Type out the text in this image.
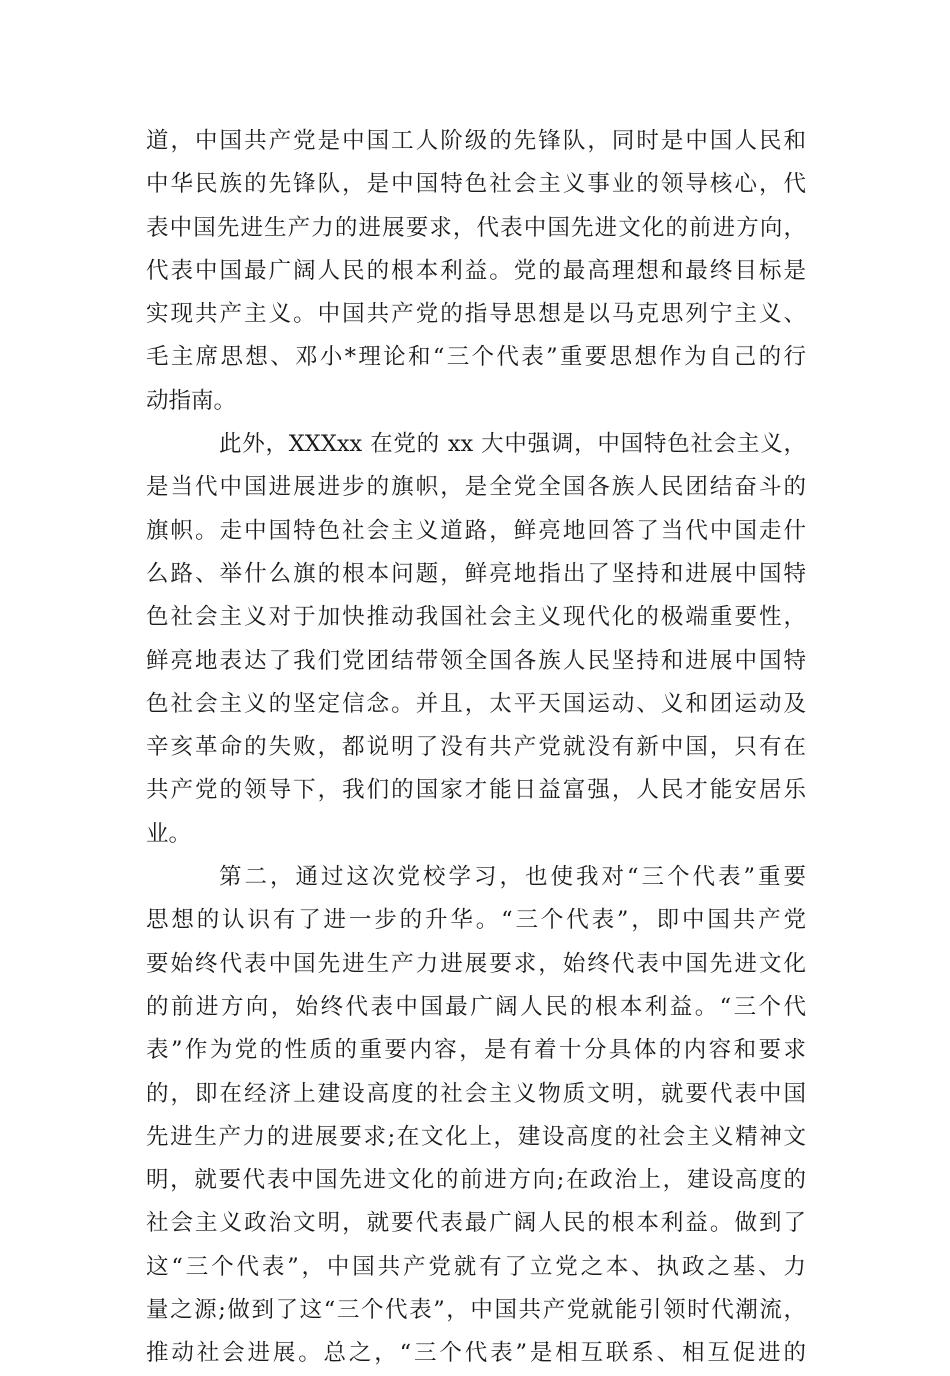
道，中国共产党是中国工人阶级的先锋队，同时是中国人民和
中华民族的先锋队，是中国特色社会主义事业的领导核心，代
表中国先进生产力的进展要求，代表中国先进文化的前进方向，
代表中国最广阔人民的根本利益。党的最高理想和最终目标是
实现共产主义。中国共产党的指导思想是以马克思列宁主义、
毛主席思想、邓小*理论和“三个代表”重要思想作为自己的行
动指南。
此外，XXXxx 在党的 xx 大中强调，中国特色社会主义，
是当代中国进展进步的旗帜，是全党全国各族人民团结奋斗的
旗帜。走中国特色社会主义道路，鲜亮地回答了当代中国走什
么路、举什么旗的根本问题，鲜亮地指出了坚持和进展中国特
色社会主义对于加快推动我国社会主义现代化的极端重要性，
鲜亮地表达了我们党团结带领全国各族人民坚持和进展中国特
色社会主义的坚定信念。并且，太平天国运动、义和团运动及
辛亥革命的失败，都说明了没有共产党就没有新中国，只有在
共产党的领导下，我们的国家才能日益富强，人民才能安居乐
业。
第二，通过这次党校学习，也使我对“三个代表”重要
思想的认识有了进一步的升华。“三个代表”，即中国共产党
要始终代表中国先进生产力进展要求，始终代表中国先进文化
的前进方向，始终代表中国最广阔人民的根本利益。“三个代
表”作为党的性质的重要内容，是有着十分具体的内容和要求
的，即在经济上建设高度的社会主义物质文明，就要代表中国
先进生产力的进展要求;在文化上，建设高度的社会主义精神文
明，就要代表中国先进文化的前进方向;在政治上，建设高度的
社会主义政治文明，就要代表最广阔人民的根本利益。做到了
这“三个代表”，中国共产党就有了立党之本、执政之基、力
量之源;做到了这“三个代表”，中国共产党就能引领时代潮流，
推动社会进展。总之，“三个代表”是相互联系、相互促进的
